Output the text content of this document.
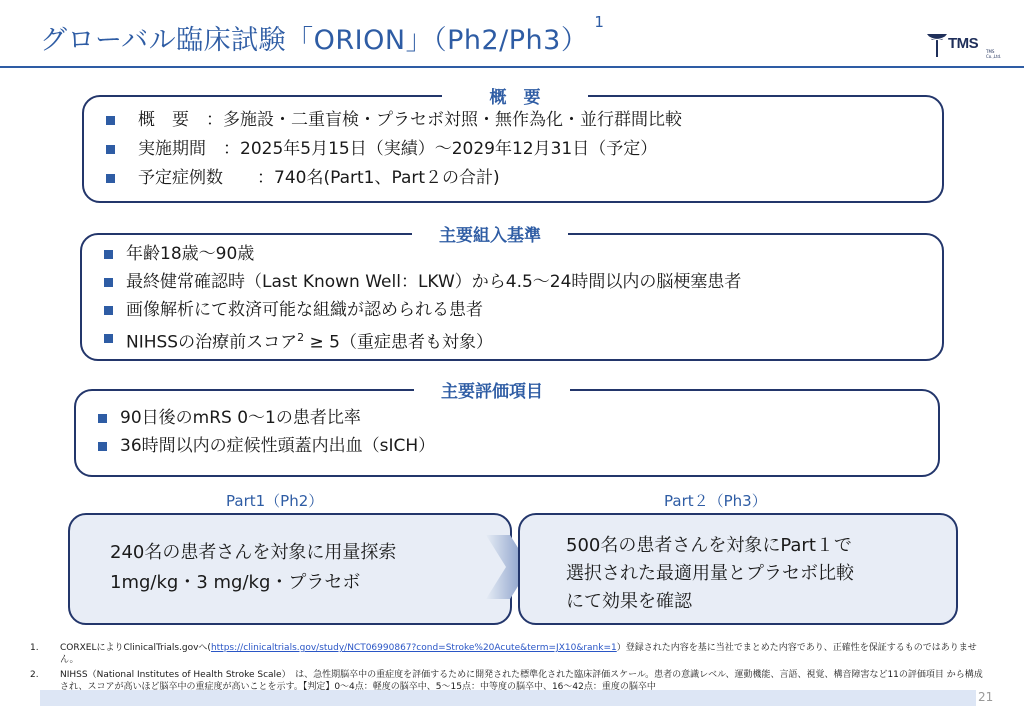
グローバル臨床試験「ORION」$(Ph2/Ph3)^1$
TMS TMS Co.,Ltd.
概　要
概　要　：多施設・二重盲検・プラセボ対照・無作為化・並行群間比較
実施期間　：2025年5月15日（実績）～2029年12月31日（予定）
予定症例数　　：740名(Part1、Part２の合計)
主要組入基準
年齢18歳～90歳
最終健常確認時（Last Known Well：LKW）から4.5～24時間以内の脳梗塞患者
画像解析にて救済可能な組織が認められる患者
NIHSSの治療前スコア$^2$ ≥ 5（重症患者も対象）
主要評価項目
90日後のmRS 0～1の患者比率
36時間以内の症候性頭蓋内出血（sICH）
Part1（Ph2）	Part２（Ph3）
240名の患者さんを対象に用量探索
1mg/kg・3 mg/kg・プラセボ
500名の患者さんを対象にPart１で
選択された最適用量とプラセボ比較
にて効果を確認
1. CORXELによりClinicalTrials.govへ(https://clinicaltrials.gov/study/NCT06990867?cond=Stroke%20Acute&term=JX10&rank=1）登録された内容を基に当社でまとめた内容であり、正確性を保証するものではありません。
2. NIHSS（National Institutes of Health Stroke Scale）　は、急性期脳卒中の重症度を評価するために開発された標準化された臨床評価スケール。患者の意識レベル、運動機能、言語、視覚、構音障害など11の評価項目 から構成され、スコアが高いほど脳卒中の重症度が高いことを示す。【判定】0～4点：軽度の脳卒中、5～15点：中等度の脳卒中、16～42点：重度の脳卒中
21
